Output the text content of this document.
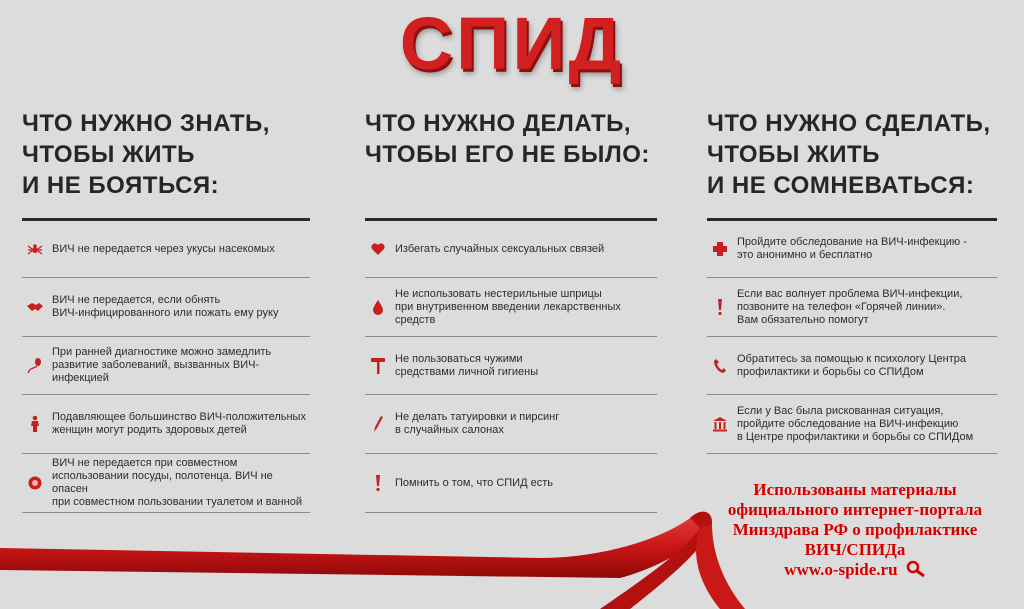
СПИД
ЧТО НУЖНО ЗНАТЬ,
ЧТОБЫ ЖИТЬ
И НЕ БОЯТЬСЯ:
ВИЧ не передается через укусы насекомых
ВИЧ не передается, если обнять
ВИЧ-инфицированного или пожать ему руку
При ранней диагностике можно замедлить
развитие заболеваний, вызванных ВИЧ-инфекцией
Подавляющее большинство ВИЧ-положительных
женщин могут родить здоровых детей
ВИЧ не передается при совместном
использовании посуды, полотенца. ВИЧ не опасен
при совместном пользовании туалетом и ванной
ЧТО НУЖНО ДЕЛАТЬ,
ЧТОБЫ ЕГО НЕ БЫЛО:
Избегать случайных сексуальных связей
Не использовать нестерильные шприцы
при внутривенном введении лекарственных
средств
Не пользоваться чужими
средствами личной гигиены
Не делать татуировки и пирсинг
в случайных салонах
Помнить о том, что СПИД есть
ЧТО НУЖНО СДЕЛАТЬ,
ЧТОБЫ ЖИТЬ
И НЕ СОМНЕВАТЬСЯ:
Пройдите обследование на ВИЧ-инфекцию -
это анонимно и бесплатно
Если вас волнует проблема ВИЧ-инфекции,
позвоните на телефон «Горячей линии».
Вам обязательно помогут
Обратитесь за помощью к психологу Центра
профилактики и борьбы со СПИДом
Если у Вас была рискованная ситуация,
пройдите обследование на ВИЧ-инфекцию
в Центре профилактики и борьбы со СПИДом
Использованы материалы
официального интернет-портала
Минздрава РФ о профилактике
ВИЧ/СПИДа
www.o-spide.ru
